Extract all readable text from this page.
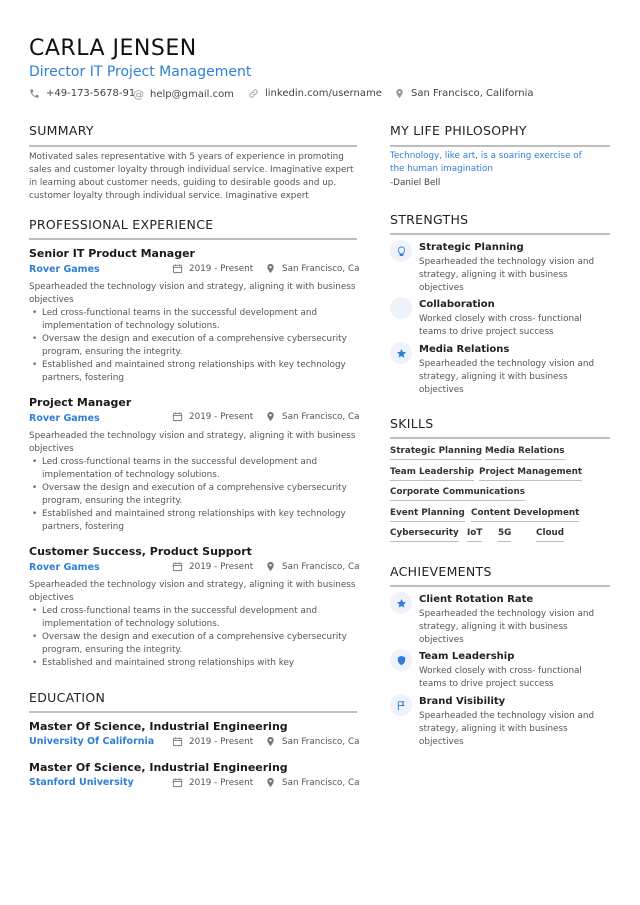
CARLA JENSEN
Director IT Project Management
+49-173-5678-91
@ help@gmail.com	linkedin.com/username	San Francisco, California
SUMMARY
Motivated sales representative with 5 years of experience in promoting
sales and customer loyalty through individual service. Imaginative expert
in learning about customer needs, guiding to desirable goods and up.
customer loyalty through individual service. Imaginative expert
PROFESSIONAL EXPERIENCE
Senior IT Product Manager
Rover Games	2019 - Present	San Francisco, Ca
Spearheaded the technology vision and strategy, aligning it with business
objectives
• Led cross-functional teams in the successful development and
implementation of technology solutions.
• Oversaw the design and execution of a comprehensive cybersecurity
program, ensuring the integrity.
• Established and maintained strong relationships with key technology
partners, fostering
Project Manager
Rover Games	2019 - Present	San Francisco, Ca
Spearheaded the technology vision and strategy, aligning it with business
objectives
• Led cross-functional teams in the successful development and
implementation of technology solutions.
• Oversaw the design and execution of a comprehensive cybersecurity
program, ensuring the integrity.
• Established and maintained strong relationships with key technology
partners, fostering
Customer Success, Product Support
Rover Games	2019 - Present	San Francisco, Ca
Spearheaded the technology vision and strategy, aligning it with business
objectives
• Led cross-functional teams in the successful development and
implementation of technology solutions.
• Oversaw the design and execution of a comprehensive cybersecurity
program, ensuring the integrity.
• Established and maintained strong relationships with key
EDUCATION
Master Of Science, Industrial Engineering
University Of California	2019 - Present	San Francisco, Ca
Master Of Science, Industrial Engineering
Stanford University	2019 - Present	San Francisco, Ca
MY LIFE PHILOSOPHY
Technology, like art, is a soaring exercise of
the human imagination
-Daniel Bell
STRENGTHS
Strategic Planning
Spearheaded the technology vision and
strategy, aligning it with business
objectives
Collaboration
Worked closely with cross- functional
teams to drive project success
Media Relations
Spearheaded the technology vision and
strategy, aligning it with business
objectives
SKILLS
Strategic Planning Media Relations
Team Leadership Project Management
Corporate Communications
Event Planning Content Development
Cybersecurity IoT 5G	Cloud
ACHIEVEMENTS
Client Rotation Rate
Spearheaded the technology vision and
strategy, aligning it with business
objectives
Team Leadership
Worked closely with cross- functional
teams to drive project success
Brand Visibility
Spearheaded the technology vision and
strategy, aligning it with business
objectives
